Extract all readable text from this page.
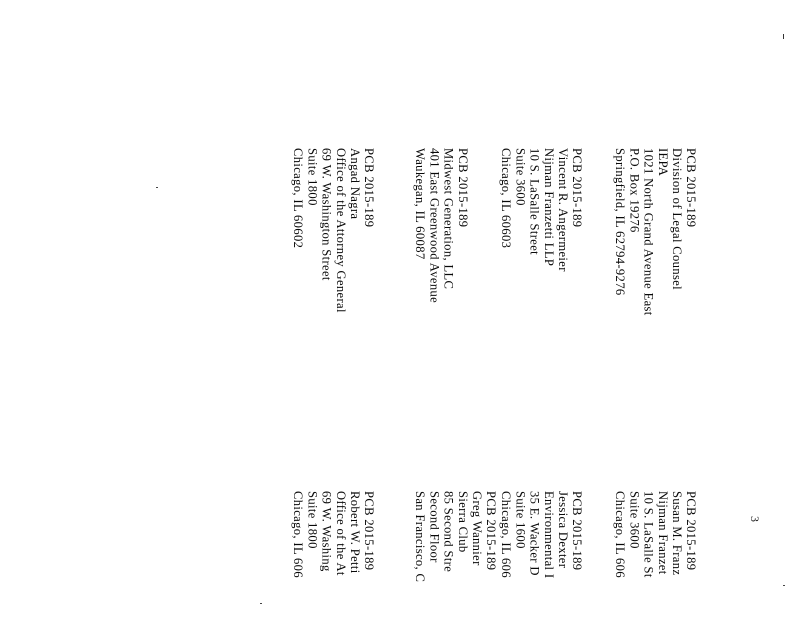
3
PCB 2015-189
Division of Legal Counsel
IEPA
1021 North Grand Avenue East
P.O. Box 19276
Springfield, IL 62794-9276
PCB 2015-189
Vincent R. Angermeier
Nijman Franzetti LLP
10 S. LaSalle Street
Suite 3600
Chicago, IL 60603
PCB 2015-189
Midwest Generation, LLC
401 East Greenwood Avenue
Waukegan, IL 60087
PCB 2015-189
Angad Nagra
Office of the Attorney General
69 W. Washington Street
Suite 1800
Chicago, IL 60602
PCB 2015-189
Susan M. Franz
Nijman Franzet
10 S. LaSalle St
Suite 3600
Chicago, IL 606
PCB 2015-189
Jessica Dexter
Environmental I
35 E. Wacker D
Suite 1600
Chicago, IL 606
PCB 2015-189
Greg Wannier
Sierra Club
85 Second Stre
Second Floor
San Francisco, C
PCB 2015-189
Robert W. Petti
Office of the At
69 W. Washing
Suite 1800
Chicago, IL 606
